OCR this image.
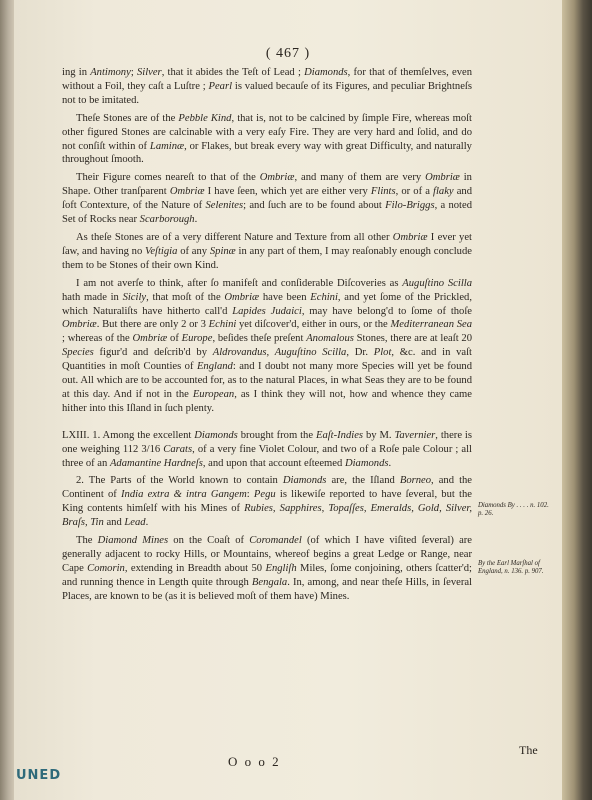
( 467 )

ing in Antimony; Silver, that it abides the Teſt of Lead ; Diamonds, for that of themſelves, even without a Foil, they caſt a Luſtre ; Pearl is valued becauſe of its Figures, and peculiar Brightneſs not to be imitated.

Theſe Stones are of the Pebble Kind, that is, not to be calcined by ſimple Fire, whereas moſt other figured Stones are calcinable with a very eaſy Fire. They are very hard and ſolid, and do not conſiſt within of Laminæ, or Flakes, but break every way with great Difficulty, and naturally throughout ſmooth.

Their Figure comes neareſt to that of the Ombriæ, and many of them are very Ombriæ in Shape. Other tranſparent Ombriæ I have ſeen, which yet are either very Flints, or of a flaky and ſoft Contexture, of the Nature of Selenites; and ſuch are to be found about Filo-Briggs, a noted Set of Rocks near Scarborough.

As theſe Stones are of a very different Nature and Texture from all other Ombriæ I ever yet ſaw, and having no Veſtigia of any Spinæ in any part of them, I may reaſonably enough conclude them to be Stones of their own Kind.

I am not averſe to think, after ſo manifeſt and conſiderable Diſcoveries as Auguſtino Scilla hath made in Sicily, that moſt of the Ombriæ have been Echini, and yet ſome of the Prickled, which Naturaliſts have hitherto call'd Lapides Judaici, may have belong'd to ſome of thoſe Ombriæ. But there are only 2 or 3 Echini yet diſcover'd, either in ours, or the Mediterranean Sea ; whereas of the Ombriæ of Europe, beſides theſe preſent Anomalous Stones, there are at leaſt 20 Species figur'd and deſcrib'd by Aldrovandus, Auguſtino Scilla, Dr. Plot, &c. and in vaſt Quantities in moſt Counties of England: and I doubt not many more Species will yet be found out. All which are to be accounted for, as to the natural Places, in what Seas they are to be found at this day. And if not in the European, as I think they will not, how and whence they came hither into this Iſland in ſuch plenty.

LXIII. 1. Among the excellent Diamonds brought from the Eaſt-Indies by M. Tavernier, there is one weighing 112 3/16 Carats, of a very fine Violet Colour, and two of a Roſe pale Colour ; all three of an Adamantine Hardneſs, and upon that account eſteemed Diamonds.

2. The Parts of the World known to contain Diamonds are, the Iſland Borneo, and the Continent of India extra & intra Gangem: Pegu is likewiſe reported to have ſeveral, but the King contents himſelf with his Mines of Rubies, Sapphires, Topaſſes, Emeralds, Gold, Silver, Braſs, Tin and Lead.

The Diamond Mines on the Coaſt of Coromandel (of which I have viſited ſeveral) are generally adjacent to rocky Hills, or Mountains, whereof begins a great Ledge or Range, near Cape Comorin, extending in Breadth about 50 Engliſh Miles, ſome conjoining, others ſcatter'd; and running thence in Length quite through Bengala. In, among, and near theſe Hills, in ſeveral Places, are known to be (as it is believed moſt of them have) Mines.

Diamonds By . . . . n. 102. p. 26.
By the Earl Marſhal of England, n. 136. p. 907.
O o o 2
The
UNED
